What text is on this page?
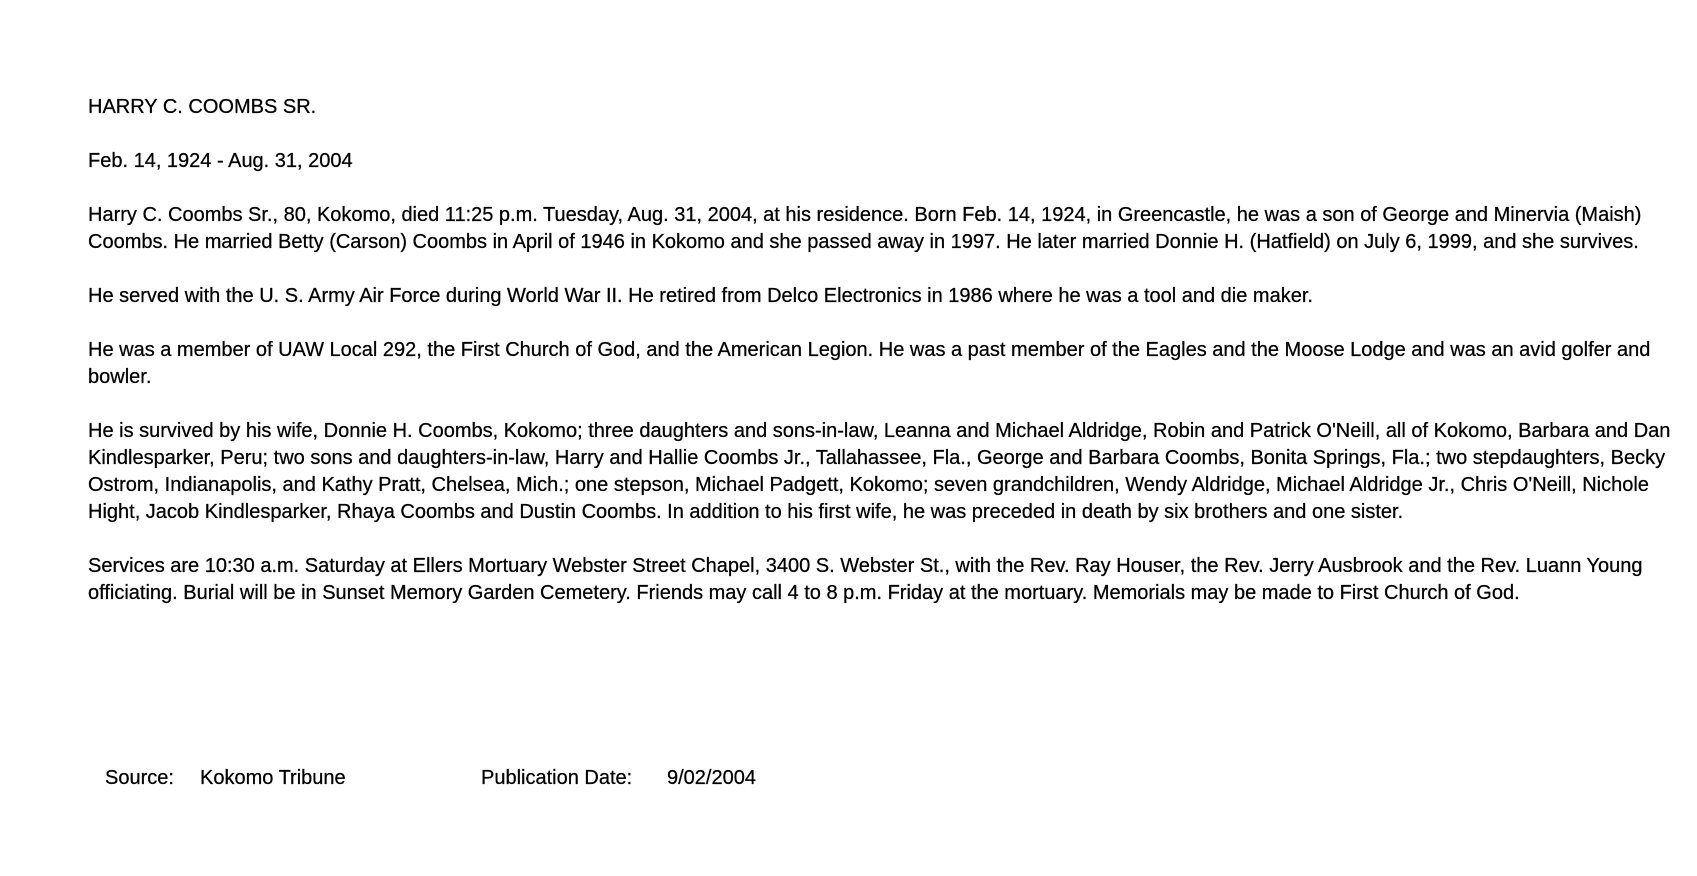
HARRY C. COOMBS SR.

Feb. 14, 1924 - Aug. 31, 2004

Harry C. Coombs Sr., 80, Kokomo, died 11:25 p.m. Tuesday, Aug. 31, 2004, at his residence. Born Feb. 14, 1924, in Greencastle, he was a son of George and Minervia (Maish) Coombs. He married Betty (Carson) Coombs in April of 1946 in Kokomo and she passed away in 1997. He later married Donnie H. (Hatfield) on July 6, 1999, and she survives.

He served with the U. S. Army Air Force during World War II. He retired from Delco Electronics in 1986 where he was a tool and die maker.

He was a member of UAW Local 292, the First Church of God, and the American Legion. He was a past member of the Eagles and the Moose Lodge and was an avid golfer and bowler.

He is survived by his wife, Donnie H. Coombs, Kokomo; three daughters and sons-in-law, Leanna and Michael Aldridge, Robin and Patrick O'Neill, all of Kokomo, Barbara and Dan Kindlesparker, Peru; two sons and daughters-in-law, Harry and Hallie Coombs Jr., Tallahassee, Fla., George and Barbara Coombs, Bonita Springs, Fla.; two stepdaughters, Becky Ostrom, Indianapolis, and Kathy Pratt, Chelsea, Mich.; one stepson, Michael Padgett, Kokomo; seven grandchildren, Wendy Aldridge, Michael Aldridge Jr., Chris O'Neill, Nichole Hight, Jacob Kindlesparker, Rhaya Coombs and Dustin Coombs. In addition to his first wife, he was preceded in death by six brothers and one sister.

Services are 10:30 a.m. Saturday at Ellers Mortuary Webster Street Chapel, 3400 S. Webster St., with the Rev. Ray Houser, the Rev. Jerry Ausbrook and the Rev. Luann Young officiating. Burial will be in Sunset Memory Garden Cemetery. Friends may call 4 to 8 p.m. Friday at the mortuary. Memorials may be made to First Church of God.

Source: Kokomo Tribune	Publication Date: 9/02/2004
